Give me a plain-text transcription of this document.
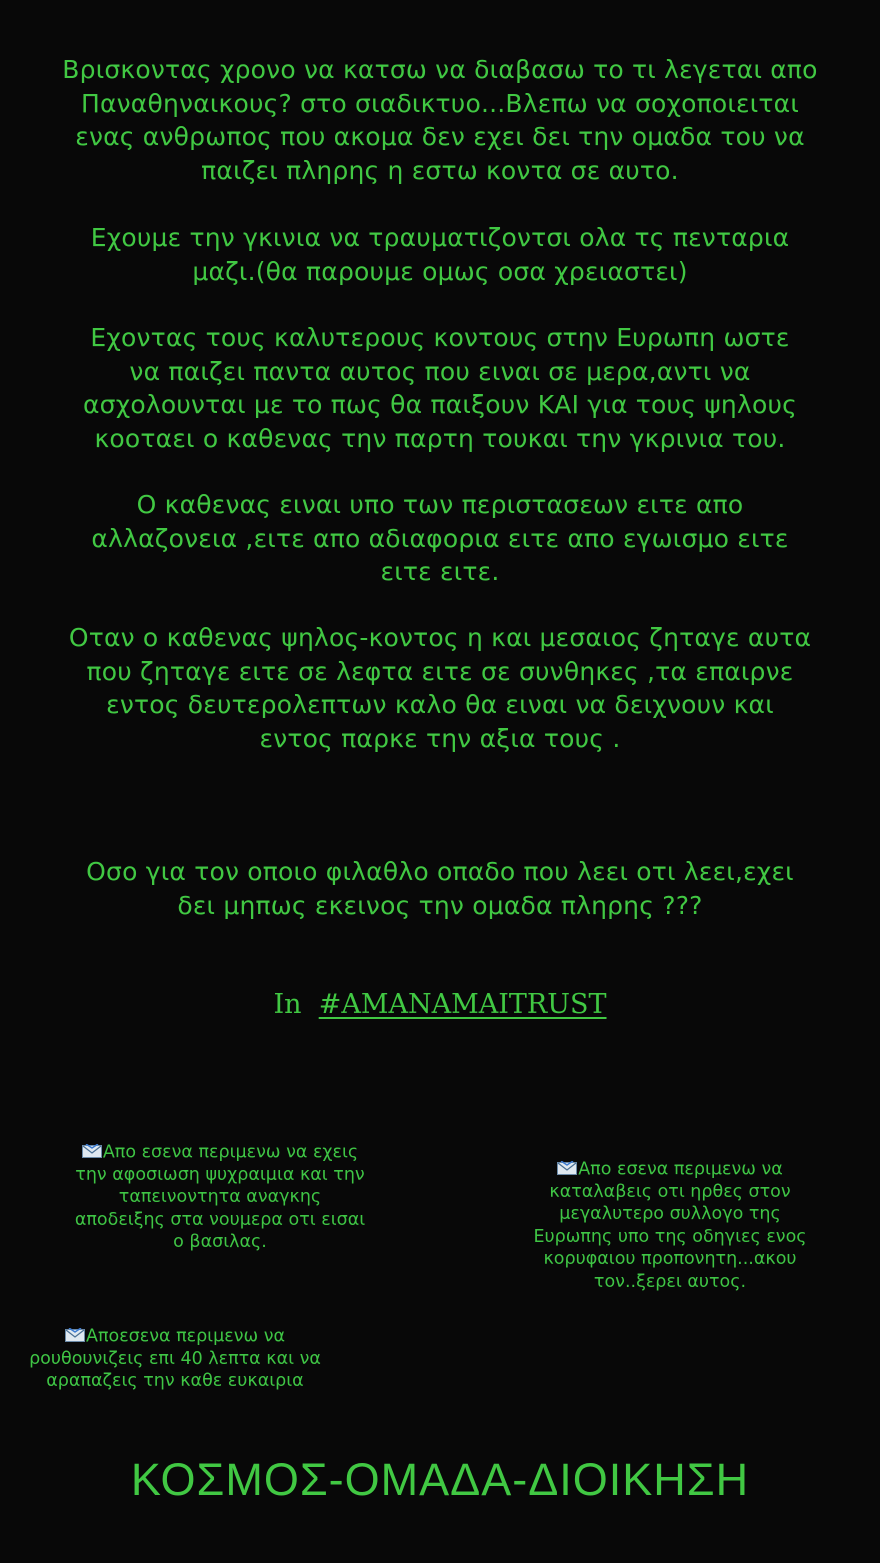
Βρισκοντας χρονο να κατσω να διαβασω το τι λεγεται απο
Παναθηναικους? στο σιαδικτυο...Βλεπω να σοχοποιειται
ενας ανθρωπος που ακομα δεν εχει δει την ομαδα του να
παιζει πληρης η εστω κοντα σε αυτο.
Εχουμε την γκινια να τραυματιζοντσι ολα τς πενταρια
μαζι.(θα παρουμε ομως οσα χρειαστει)
Εχοντας τους καλυτερους κοντους στην Ευρωπη ωστε
να παιζει παντα αυτος που ειναι σε μερα,αντι να
ασχολουνται με το πως θα παιξουν ΚΑΙ για τους ψηλους
κοοταει ο καθενας την παρτη τουκαι την γκρινια του.
Ο καθενας ειναι υπο των περιστασεων ειτε απο
αλλαζονεια ,ειτε απο αδιαφορια ειτε απο εγωισμο ειτε
ειτε ειτε.
Οταν ο καθενας ψηλος-κοντος η και μεσαιος ζηταγε αυτα
που ζηταγε ειτε σε λεφτα ειτε σε συνθηκες ,τα επαιρνε
εντος δευτερολεπτων καλο θα ειναι να δειχνουν και
εντος παρκε την αξια τους .
Οσο για τον οποιο φιλαθλο οπαδο που λεει οτι λεει,εχει
δει μηπως εκεινος την ομαδα πληρης ???
In  #AMANAMAITRUST

Απο εσενα περιμενω να εχεις
την αφοσιωση ψυχραιμια και την
ταπεινοντητα αναγκης
αποδειξης στα νουμερα οτι εισαι
ο βασιλας.

Απο εσενα περιμενω να
καταλαβεις οτι ηρθες στον
μεγαλυτερο συλλογο της
Ευρωπης υπο της οδηγιες ενος
κορυφαιου προπονητη...ακου
τον..ξερει αυτος.

Αποεσενα περιμενω να
ρουθουνιζεις επι 40 λεπτα και να
αραπαζεις την καθε ευκαιρια

ΚΟΣΜΟΣ-ΟΜΑΔΑ-ΔΙΟΙΚΗΣΗ
